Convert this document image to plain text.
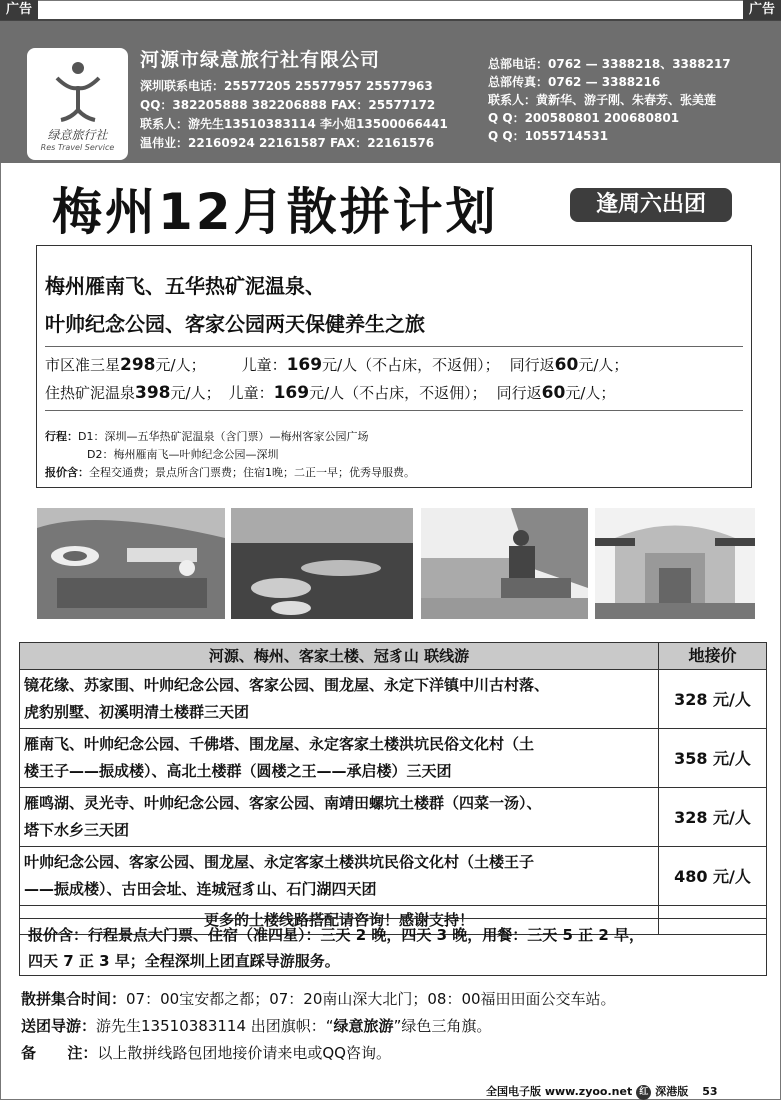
广告	广告
绿意旅行社
Res Travel Service
河源市绿意旅行社有限公司
深圳联系电话：25577205 25577957 25577963
QQ：382205888 382206888 FAX：25577172
联系人：游先生13510383114 李小姐13500066441
温伟业：22160924 22161587 FAX：22161576
总部电话：0762 — 3388218、3388217
总部传真：0762 — 3388216
联系人：黄新华、游子刚、朱春芳、张美莲
Q Q：200580801 200680801
Q Q：1055714531
梅州12月散拼计划	逢周六出团
梅州雁南飞、五华热矿泥温泉、
叶帅纪念公园、客家公园两天保健养生之旅
市区准三星298元/人； 儿童：169元/人（不占床，不返佣）； 同行返60元/人；
住热矿泥温泉398元/人； 儿童：169元/人（不占床，不返佣）； 同行返60元/人；
行程：D1：深圳—五华热矿泥温泉（含门票）—梅州客家公园广场
D2：梅州雁南飞—叶帅纪念公园—深圳
报价含：全程交通费；景点所含门票费；住宿1晚；二正一早；优秀导服费。
河源、梅州、客家土楼、冠豸山 联线游	地接价

镜花缘、苏家围、叶帅纪念公园、客家公园、围龙屋、永定下洋镇中川古村落、
虎豹别墅、初溪明清土楼群三天团	328 元/人

雁南飞、叶帅纪念公园、千佛塔、围龙屋、永定客家土楼洪坑民俗文化村（土
楼王子——振成楼）、高北土楼群（圆楼之王——承启楼）三天团	358 元/人

雁鸣湖、灵光寺、叶帅纪念公园、客家公园、南靖田螺坑土楼群（四菜一汤）、
塔下水乡三天团	328 元/人

叶帅纪念公园、客家公园、围龙屋、永定客家土楼洪坑民俗文化村（土楼王子
——振成楼）、古田会址、连城冠豸山、石门湖四天团	480 元/人
更多的土楼线路搭配请咨询！感谢支持！	
报价含：行程景点大门票、住宿（准四星）：三天 2 晚，四天 3 晚，用餐：三天 5 正 2 早，
四天 7 正 3 早；全程深圳上团直踩导游服务。
散拼集合时间：07：00宝安都之都；07：20南山深大北门；08：00福田田面公交车站。
送团导游：游先生13510383114 出团旗帜：“绿意旅游”绿色三角旗。
备      注：以上散拼线路包团地接价请来电或QQ咨询。
全国电子版 www.zyoo.net 红 深港版 53
